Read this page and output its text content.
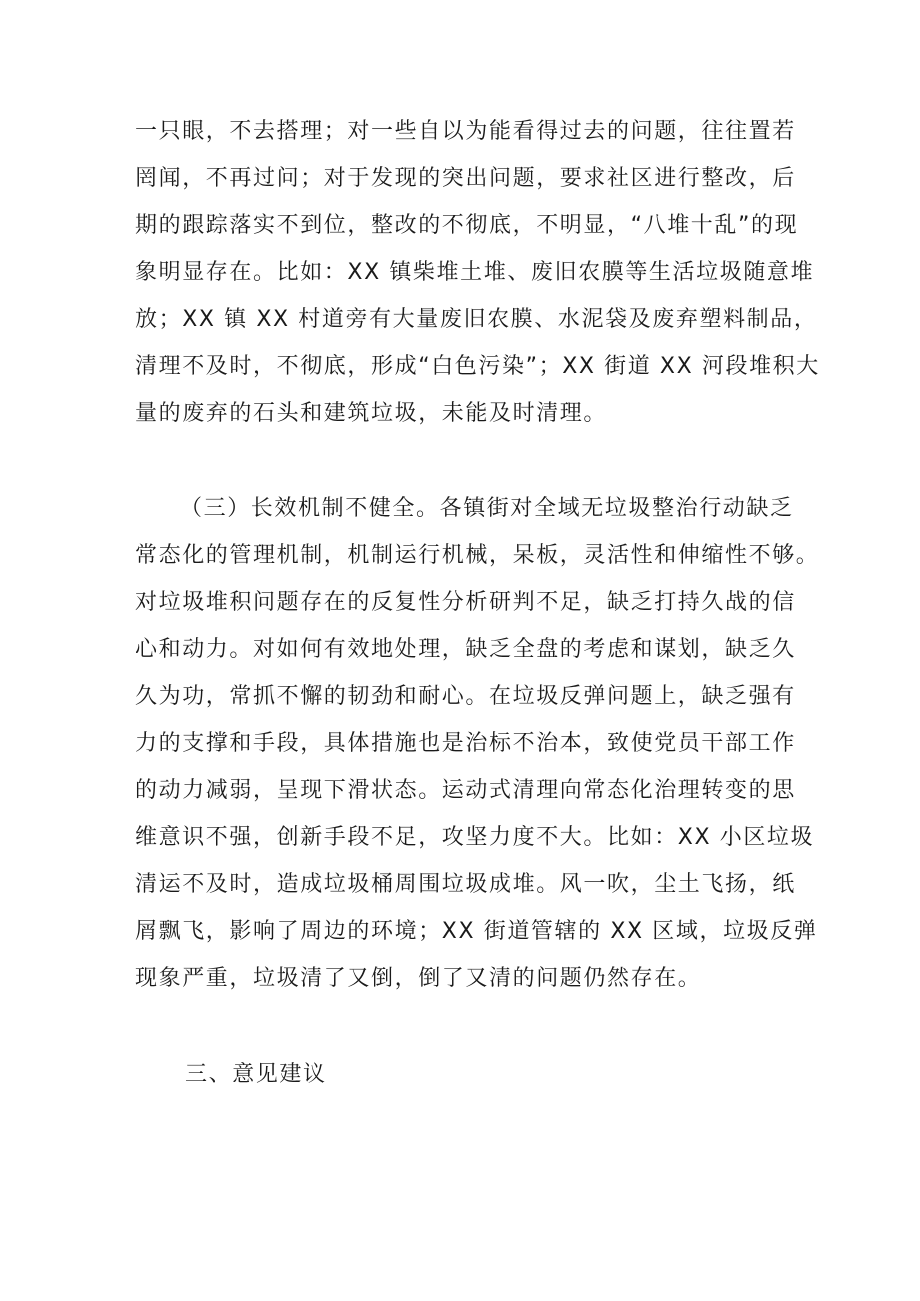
一只眼，不去搭理；对一些自以为能看得过去的问题，往往置若
罔闻，不再过问；对于发现的突出问题，要求社区进行整改，后
期的跟踪落实不到位，整改的不彻底，不明显，“八堆十乱”的现
象明显存在。比如：XX 镇柴堆土堆、废旧农膜等生活垃圾随意堆
放；XX 镇 XX 村道旁有大量废旧农膜、水泥袋及废弃塑料制品，
清理不及时，不彻底，形成“白色污染”；XX 街道 XX 河段堆积大
量的废弃的石头和建筑垃圾，未能及时清理。
（三）长效机制不健全。各镇街对全域无垃圾整治行动缺乏
常态化的管理机制，机制运行机械，呆板，灵活性和伸缩性不够。
对垃圾堆积问题存在的反复性分析研判不足，缺乏打持久战的信
心和动力。对如何有效地处理，缺乏全盘的考虑和谋划，缺乏久
久为功，常抓不懈的韧劲和耐心。在垃圾反弹问题上，缺乏强有
力的支撑和手段，具体措施也是治标不治本，致使党员干部工作
的动力减弱，呈现下滑状态。运动式清理向常态化治理转变的思
维意识不强，创新手段不足，攻坚力度不大。比如：XX 小区垃圾
清运不及时，造成垃圾桶周围垃圾成堆。风一吹，尘土飞扬，纸
屑飘飞，影响了周边的环境；XX 街道管辖的 XX 区域，垃圾反弹
现象严重，垃圾清了又倒，倒了又清的问题仍然存在。
三、意见建议
